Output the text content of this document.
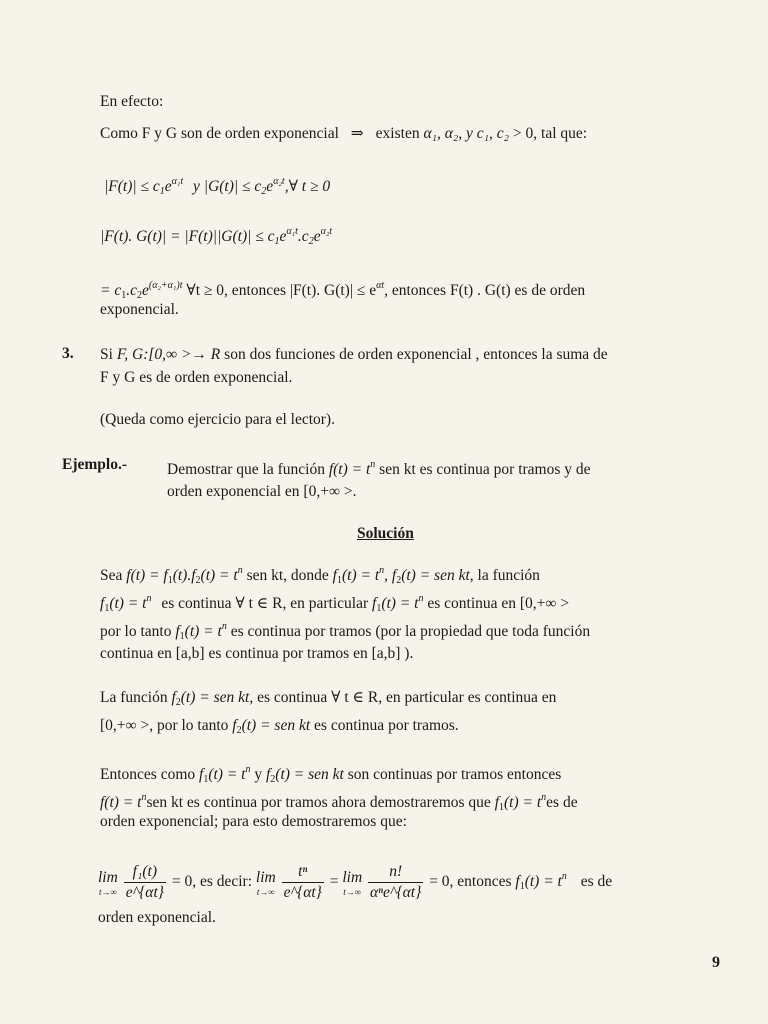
En efecto:
Como F y G son de orden exponencial ⇒ existen α₁, α₂, y c₁, c₂ > 0, tal que:
$|F(t)| \le c_1e^{\alpha_1t}$ y $|G(t)| \le c_2e^{\alpha_2t},\forall$ t ≥ 0
|F(t). $G(t)| = |F(t)||G(t)| \le c_1e^{\alpha_1t}.c_2e^{\alpha_2t}$
= $c_1.c_2e^{(\alpha_2+\alpha_1)t}$ ∀t ≥ 0, entonces |F(t). $G(t)| \le e^{\alpha t}$, entonces F(t) . G(t) es de orden
exponencial.
3. Si F, G:[0,∞ >→ R son dos funciones de orden exponencial , entonces la suma de
F y G es de orden exponencial.
(Queda como ejercicio para el lector).
Ejemplo.-	Demostrar que la función $f(t) = t^n$ sen kt es continua por tramos y de
orden exponencial en [0,+∞ >.
Solución
Sea $f(t) = f_1(t).f_2(t) = t^n$ sen kt, donde $f_1(t) = t^n$, $f_2(t)$ = sen kt, la función
$f_1(t) = t^n$ es continua ∀ t ∈ R, en particular $f_1(t) = t^n$ es continua en [0,+∞ >
por lo tanto $f_1(t) = t^n$ es continua por tramos (por la propiedad que toda función
continua en [a,b] es continua por tramos en [a,b] ).
La función $f_2(t)$ = sen kt, es continua ∀ t ∈ R, en particular es continua en
[0,+∞ >, por lo tanto $f_2(t)$ = sen kt es continua por tramos.
Entonces como $f_1(t) = t^n$ y $f_2(t)$ = sen kt son continuas por tramos entonces
$f(t) = t^nsen$ kt es continua por tramos ahora demostraremos que $f_1(t) = t^nes$ de
orden exponencial; para esto demostraremos que:
lim
t→∞
$\frac{\text{f₁(t)}}{e\^{}\{\alpha t\}} = 0$, es decir: lim
t→∞
$\frac{\text{tⁿ}}{e\^{}\{\alpha t\}} = \lim$
t→∞
$\frac{n!}{\text{αⁿe\textasciicircum{}\{αt\}}} = 0$, entonces $f_1(t) = t^n$ es de
orden exponencial.
9
